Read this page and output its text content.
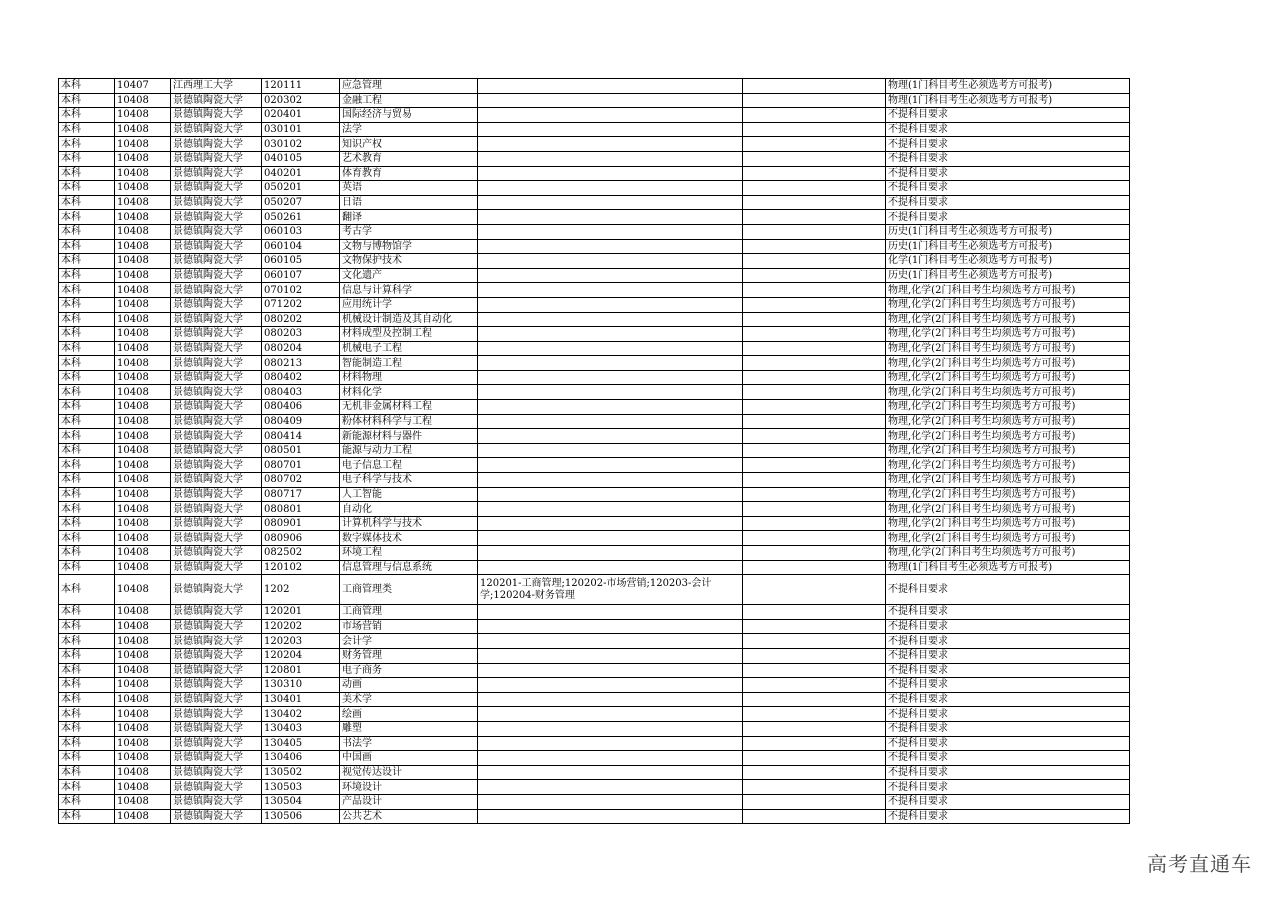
本科	10407	江西理工大学	120111	应急管理			物理(1门科目考生必须选考方可报考)
本科	10408	景德镇陶瓷大学	020302	金融工程			物理(1门科目考生必须选考方可报考)
本科	10408	景德镇陶瓷大学	020401	国际经济与贸易			不提科目要求
本科	10408	景德镇陶瓷大学	030101	法学			不提科目要求
本科	10408	景德镇陶瓷大学	030102	知识产权			不提科目要求
本科	10408	景德镇陶瓷大学	040105	艺术教育			不提科目要求
本科	10408	景德镇陶瓷大学	040201	体育教育			不提科目要求
本科	10408	景德镇陶瓷大学	050201	英语			不提科目要求
本科	10408	景德镇陶瓷大学	050207	日语			不提科目要求
本科	10408	景德镇陶瓷大学	050261	翻译			不提科目要求
本科	10408	景德镇陶瓷大学	060103	考古学			历史(1门科目考生必须选考方可报考)
本科	10408	景德镇陶瓷大学	060104	文物与博物馆学			历史(1门科目考生必须选考方可报考)
本科	10408	景德镇陶瓷大学	060105	文物保护技术			化学(1门科目考生必须选考方可报考)
本科	10408	景德镇陶瓷大学	060107	文化遗产			历史(1门科目考生必须选考方可报考)
本科	10408	景德镇陶瓷大学	070102	信息与计算科学			物理,化学(2门科目考生均须选考方可报考)
本科	10408	景德镇陶瓷大学	071202	应用统计学			物理,化学(2门科目考生均须选考方可报考)
本科	10408	景德镇陶瓷大学	080202	机械设计制造及其自动化			物理,化学(2门科目考生均须选考方可报考)
本科	10408	景德镇陶瓷大学	080203	材料成型及控制工程			物理,化学(2门科目考生均须选考方可报考)
本科	10408	景德镇陶瓷大学	080204	机械电子工程			物理,化学(2门科目考生均须选考方可报考)
本科	10408	景德镇陶瓷大学	080213	智能制造工程			物理,化学(2门科目考生均须选考方可报考)
本科	10408	景德镇陶瓷大学	080402	材料物理			物理,化学(2门科目考生均须选考方可报考)
本科	10408	景德镇陶瓷大学	080403	材料化学			物理,化学(2门科目考生均须选考方可报考)
本科	10408	景德镇陶瓷大学	080406	无机非金属材料工程			物理,化学(2门科目考生均须选考方可报考)
本科	10408	景德镇陶瓷大学	080409	粉体材料科学与工程			物理,化学(2门科目考生均须选考方可报考)
本科	10408	景德镇陶瓷大学	080414	新能源材料与器件			物理,化学(2门科目考生均须选考方可报考)
本科	10408	景德镇陶瓷大学	080501	能源与动力工程			物理,化学(2门科目考生均须选考方可报考)
本科	10408	景德镇陶瓷大学	080701	电子信息工程			物理,化学(2门科目考生均须选考方可报考)
本科	10408	景德镇陶瓷大学	080702	电子科学与技术			物理,化学(2门科目考生均须选考方可报考)
本科	10408	景德镇陶瓷大学	080717	人工智能			物理,化学(2门科目考生均须选考方可报考)
本科	10408	景德镇陶瓷大学	080801	自动化			物理,化学(2门科目考生均须选考方可报考)
本科	10408	景德镇陶瓷大学	080901	计算机科学与技术			物理,化学(2门科目考生均须选考方可报考)
本科	10408	景德镇陶瓷大学	080906	数字媒体技术			物理,化学(2门科目考生均须选考方可报考)
本科	10408	景德镇陶瓷大学	082502	环境工程			物理,化学(2门科目考生均须选考方可报考)
本科	10408	景德镇陶瓷大学	120102	信息管理与信息系统			物理(1门科目考生必须选考方可报考)
本科	10408	景德镇陶瓷大学	1202	工商管理类	120201-工商管理;120202-市场营销;120203-会计学;120204-财务管理		不提科目要求
本科	10408	景德镇陶瓷大学	120201	工商管理			不提科目要求
本科	10408	景德镇陶瓷大学	120202	市场营销			不提科目要求
本科	10408	景德镇陶瓷大学	120203	会计学			不提科目要求
本科	10408	景德镇陶瓷大学	120204	财务管理			不提科目要求
本科	10408	景德镇陶瓷大学	120801	电子商务			不提科目要求
本科	10408	景德镇陶瓷大学	130310	动画			不提科目要求
本科	10408	景德镇陶瓷大学	130401	美术学			不提科目要求
本科	10408	景德镇陶瓷大学	130402	绘画			不提科目要求
本科	10408	景德镇陶瓷大学	130403	雕塑			不提科目要求
本科	10408	景德镇陶瓷大学	130405	书法学			不提科目要求
本科	10408	景德镇陶瓷大学	130406	中国画			不提科目要求
本科	10408	景德镇陶瓷大学	130502	视觉传达设计			不提科目要求
本科	10408	景德镇陶瓷大学	130503	环境设计			不提科目要求
本科	10408	景德镇陶瓷大学	130504	产品设计			不提科目要求
本科	10408	景德镇陶瓷大学	130506	公共艺术			不提科目要求
高考直通车
